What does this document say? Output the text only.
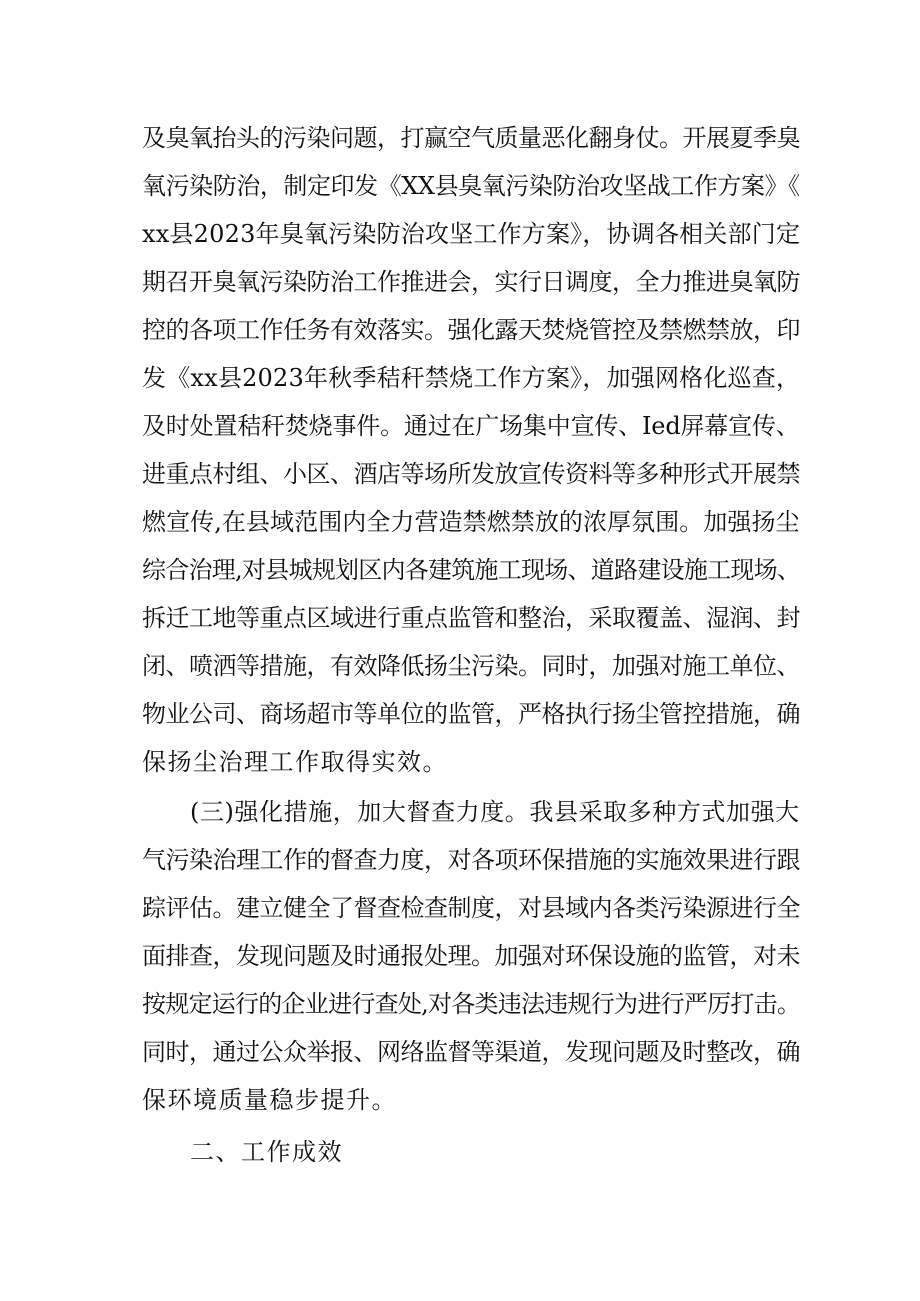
及臭氧抬头的污染问题，打赢空气质量恶化翻身仗。开展夏季臭

氧污染防治，制定印发《XX县臭氧污染防治攻坚战工作方案》《

xx县2023年臭氧污染防治攻坚工作方案》，协调各相关部门定

期召开臭氧污染防治工作推进会，实行日调度，全力推进臭氧防

控的各项工作任务有效落实。强化露天焚烧管控及禁燃禁放，印

发《xx县2023年秋季秸秆禁烧工作方案》，加强网格化巡查，

及时处置秸秆焚烧事件。通过在广场集中宣传、Ied屏幕宣传、

进重点村组、小区、酒店等场所发放宣传资料等多种形式开展禁

燃宣传,在县域范围内全力营造禁燃禁放的浓厚氛围。加强扬尘

综合治理,对县城规划区内各建筑施工现场、道路建设施工现场、

拆迁工地等重点区域进行重点监管和整治，采取覆盖、湿润、封

闭、喷洒等措施，有效降低扬尘污染。同时，加强对施工单位、

物业公司、商场超市等单位的监管，严格执行扬尘管控措施，确

保扬尘治理工作取得实效。

(三)强化措施，加大督查力度。我县采取多种方式加强大

气污染治理工作的督查力度，对各项环保措施的实施效果进行跟

踪评估。建立健全了督查检查制度，对县域内各类污染源进行全

面排查，发现问题及时通报处理。加强对环保设施的监管，对未

按规定运行的企业进行查处,对各类违法违规行为进行严厉打击。

同时，通过公众举报、网络监督等渠道，发现问题及时整改，确

保环境质量稳步提升。

二、工作成效
